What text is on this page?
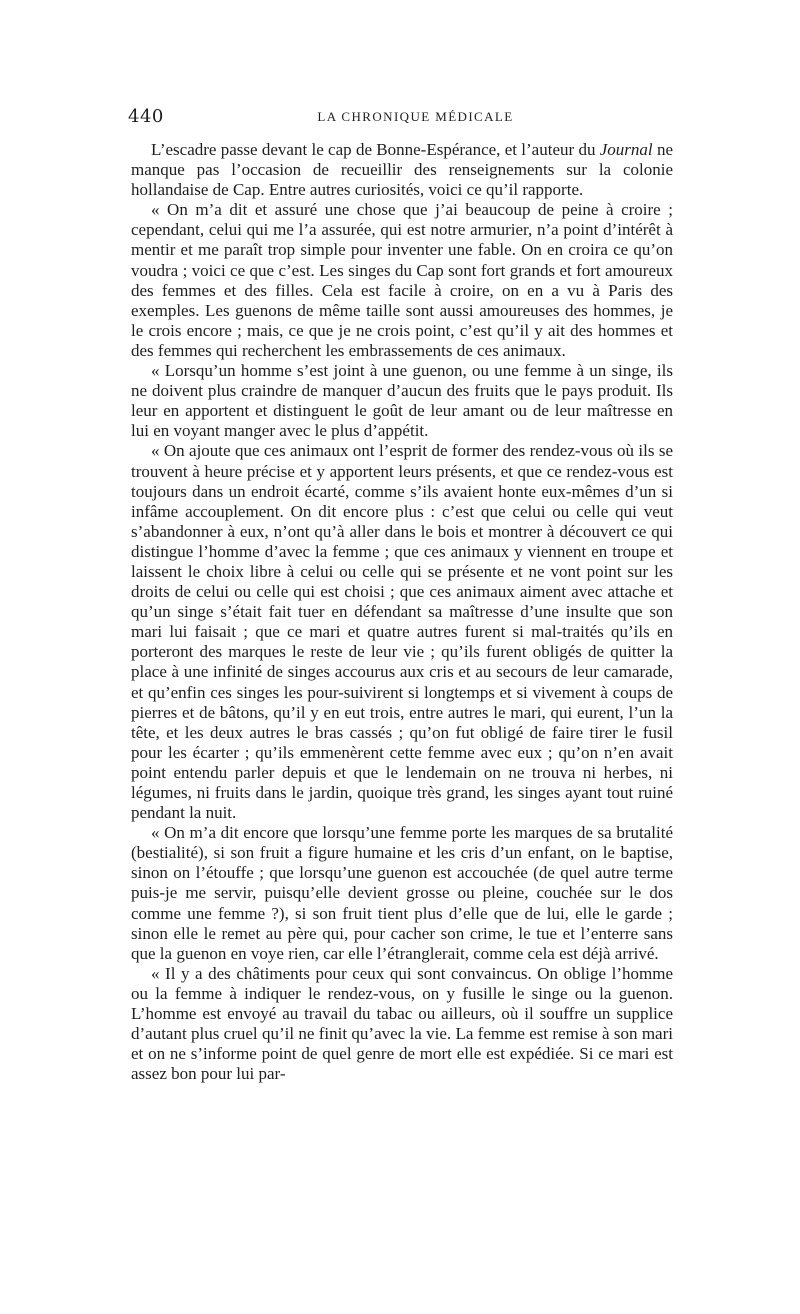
440	LA CHRONIQUE MÉDICALE

L’escadre passe devant le cap de Bonne-Espérance, et l’auteur du Journal ne manque pas l’occasion de recueillir des renseignements sur la colonie hollandaise de Cap. Entre autres curiosités, voici ce qu’il rapporte.

« On m’a dit et assuré une chose que j’ai beaucoup de peine à croire ; cependant, celui qui me l’a assurée, qui est notre armurier, n’a point d’intérêt à mentir et me paraît trop simple pour inventer une fable. On en croira ce qu’on voudra ; voici ce que c’est. Les singes du Cap sont fort grands et fort amoureux des femmes et des filles. Cela est facile à croire, on en a vu à Paris des exemples. Les guenons de même taille sont aussi amoureuses des hommes, je le crois encore ; mais, ce que je ne crois point, c’est qu’il y ait des hommes et des femmes qui recherchent les embrassements de ces animaux.

« Lorsqu’un homme s’est joint à une guenon, ou une femme à un singe, ils ne doivent plus craindre de manquer d’aucun des fruits que le pays produit. Ils leur en apportent et distinguent le goût de leur amant ou de leur maîtresse en lui en voyant manger avec le plus d’appétit.

« On ajoute que ces animaux ont l’esprit de former des rendez-vous où ils se trouvent à heure précise et y apportent leurs présents, et que ce rendez-vous est toujours dans un endroit écarté, comme s’ils avaient honte eux-mêmes d’un si infâme accouplement. On dit encore plus : c’est que celui ou celle qui veut s’abandonner à eux, n’ont qu’à aller dans le bois et montrer à découvert ce qui distingue l’homme d’avec la femme ; que ces animaux y viennent en troupe et laissent le choix libre à celui ou celle qui se présente et ne vont point sur les droits de celui ou celle qui est choisi ; que ces animaux aiment avec attache et qu’un singe s’était fait tuer en défendant sa maîtresse d’une insulte que son mari lui faisait ; que ce mari et quatre autres furent si mal-traités qu’ils en porteront des marques le reste de leur vie ; qu’ils furent obligés de quitter la place à une infinité de singes accourus aux cris et au secours de leur camarade, et qu’enfin ces singes les pour-suivirent si longtemps et si vivement à coups de pierres et de bâtons, qu’il y en eut trois, entre autres le mari, qui eurent, l’un la tête, et les deux autres le bras cassés ; qu’on fut obligé de faire tirer le fusil pour les écarter ; qu’ils emmenèrent cette femme avec eux ; qu’on n’en avait point entendu parler depuis et que le lendemain on ne trouva ni herbes, ni légumes, ni fruits dans le jardin, quoique très grand, les singes ayant tout ruiné pendant la nuit.

« On m’a dit encore que lorsqu’une femme porte les marques de sa brutalité (bestialité), si son fruit a figure humaine et les cris d’un enfant, on le baptise, sinon on l’étouffe ; que lorsqu’une guenon est accouchée (de quel autre terme puis-je me servir, puisqu’elle devient grosse ou pleine, couchée sur le dos comme une femme ?), si son fruit tient plus d’elle que de lui, elle le garde ; sinon elle le remet au père qui, pour cacher son crime, le tue et l’enterre sans que la guenon en voye rien, car elle l’étranglerait, comme cela est déjà arrivé.

« Il y a des châtiments pour ceux qui sont convaincus. On oblige l’homme ou la femme à indiquer le rendez-vous, on y fusille le singe ou la guenon. L’homme est envoyé au travail du tabac ou ailleurs, où il souffre un supplice d’autant plus cruel qu’il ne finit qu’avec la vie. La femme est remise à son mari et on ne s’informe point de quel genre de mort elle est expédiée. Si ce mari est assez bon pour lui par-
